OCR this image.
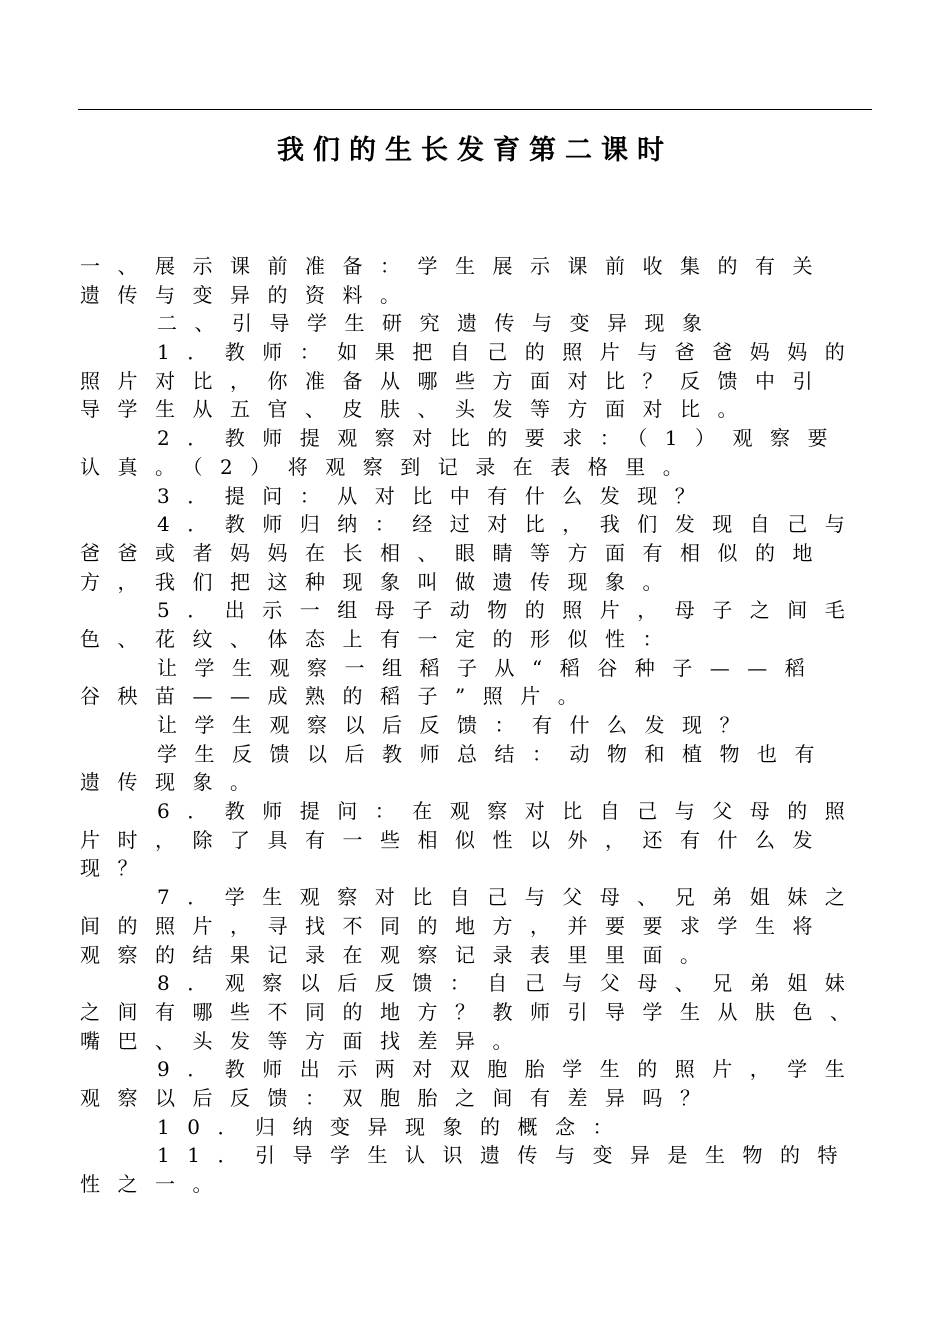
我们的生长发育第二课时
一、展示课前准备：学生展示课前收集的有关
遗传与变异的资料。
二、引导学生研究遗传与变异现象
1．教师：如果把自己的照片与爸爸妈妈的
照片对比，你准备从哪些方面对比？反馈中引
导学生从五官、皮肤、头发等方面对比。
2．教师提观察对比的要求：（1）观察要
认真。（2）将观察到记录在表格里。
3．提问：从对比中有什么发现？
4．教师归纳：经过对比，我们发现自己与
爸爸或者妈妈在长相、眼睛等方面有相似的地
方，我们把这种现象叫做遗传现象。
5．出示一组母子动物的照片，母子之间毛
色、花纹、体态上有一定的形似性：
让学生观察一组稻子从“稻谷种子——稻
谷秧苗——成熟的稻子”照片。
让学生观察以后反馈：有什么发现？
学生反馈以后教师总结：动物和植物也有
遗传现象。
6．教师提问：在观察对比自己与父母的照
片时，除了具有一些相似性以外，还有什么发
现？
7．学生观察对比自己与父母、兄弟姐妹之
间的照片，寻找不同的地方，并要要求学生将
观察的结果记录在观察记录表里里面。
8．观察以后反馈：自己与父母、兄弟姐妹
之间有哪些不同的地方？教师引导学生从肤色、
嘴巴、头发等方面找差异。
9．教师出示两对双胞胎学生的照片，学生
观察以后反馈：双胞胎之间有差异吗？
10．归纳变异现象的概念：
11．引导学生认识遗传与变异是生物的特
性之一。
